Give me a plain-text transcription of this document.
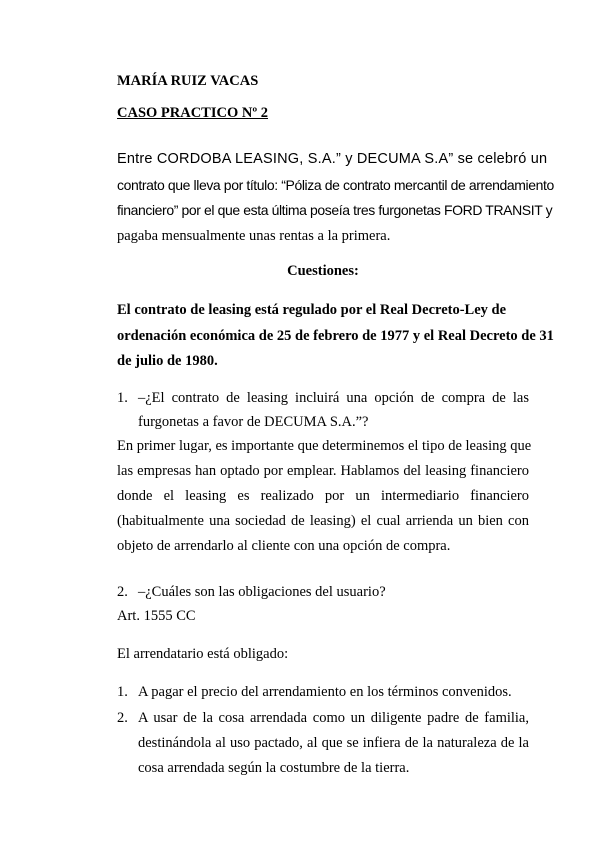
MARÍA RUIZ VACAS
CASO PRACTICO Nº 2
Entre CORDOBA LEASING, S.A.” y DECUMA S.A” se celebró un
contrato que lleva por título: “Póliza de contrato mercantil de arrendamiento
financiero” por el que esta última poseía tres furgonetas FORD TRANSIT y
pagaba mensualmente unas rentas a la primera.
Cuestiones:
El contrato de leasing está regulado por el Real Decreto-Ley de
ordenación económica de 25 de febrero de 1977 y el Real Decreto de 31
de julio de 1980.
1. –¿El contrato de leasing incluirá una opción de compra de las
furgonetas a favor de DECUMA S.A.”?
En primer lugar, es importante que determinemos el tipo de leasing que
las empresas han optado por emplear. Hablamos del leasing financiero
donde el leasing es realizado por un intermediario financiero
(habitualmente una sociedad de leasing) el cual arrienda un bien con
objeto de arrendarlo al cliente con una opción de compra.
2. –¿Cuáles son las obligaciones del usuario?
Art. 1555 CC
El arrendatario está obligado:
1. A pagar el precio del arrendamiento en los términos convenidos.
2. A usar de la cosa arrendada como un diligente padre de familia,
destinándola al uso pactado, al que se infiera de la naturaleza de la
cosa arrendada según la costumbre de la tierra.
